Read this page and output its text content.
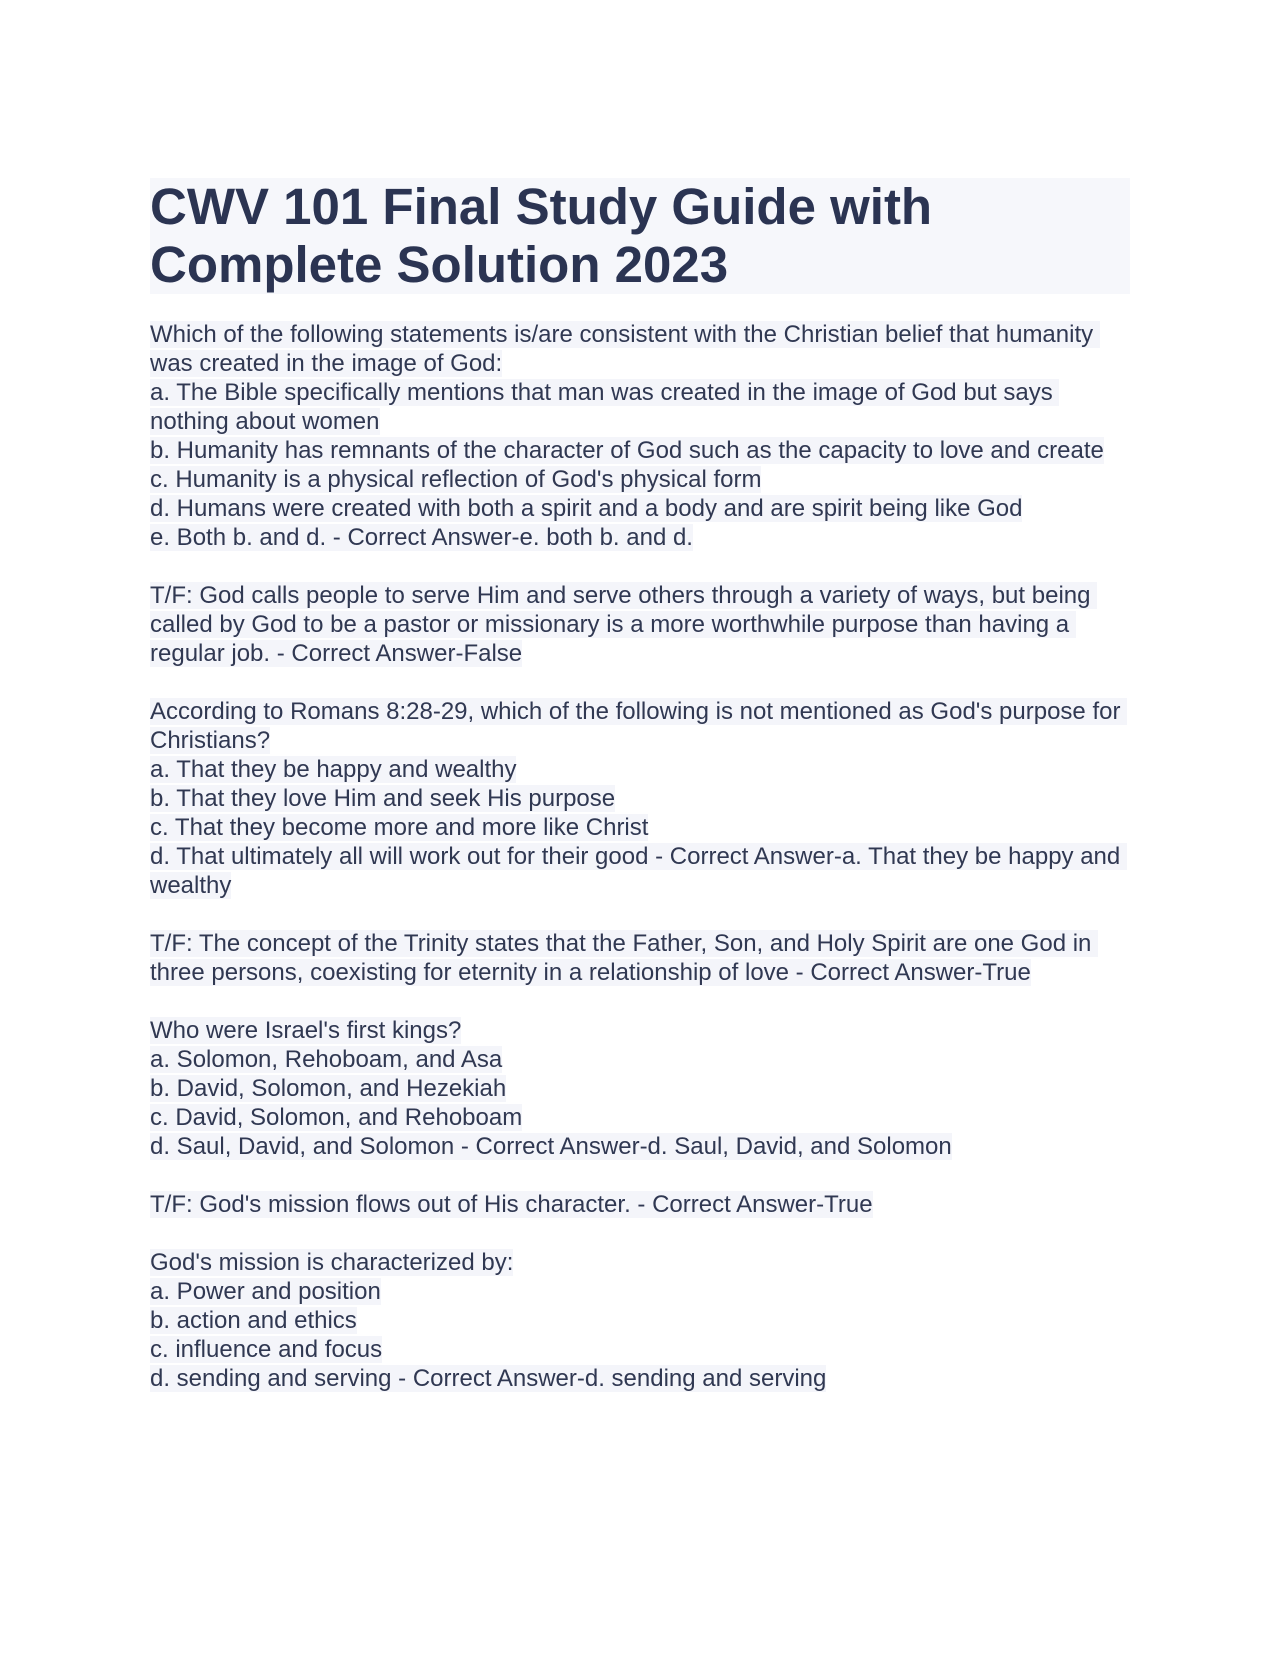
CWV 101 Final Study Guide with Complete Solution 2023
Which of the following statements is/are consistent with the Christian belief that humanity was created in the image of God:
a. The Bible specifically mentions that man was created in the image of God but says nothing about women
b. Humanity has remnants of the character of God such as the capacity to love and create
c. Humanity is a physical reflection of God's physical form
d. Humans were created with both a spirit and a body and are spirit being like God
e. Both b. and d. - Correct Answer-e. both b. and d.
T/F: God calls people to serve Him and serve others through a variety of ways, but being called by God to be a pastor or missionary is a more worthwhile purpose than having a regular job. - Correct Answer-False
According to Romans 8:28-29, which of the following is not mentioned as God's purpose for Christians?
a. That they be happy and wealthy
b. That they love Him and seek His purpose
c. That they become more and more like Christ
d. That ultimately all will work out for their good - Correct Answer-a. That they be happy and wealthy
T/F: The concept of the Trinity states that the Father, Son, and Holy Spirit are one God in three persons, coexisting for eternity in a relationship of love - Correct Answer-True
Who were Israel's first kings?
a. Solomon, Rehoboam, and Asa
b. David, Solomon, and Hezekiah
c. David, Solomon, and Rehoboam
d. Saul, David, and Solomon - Correct Answer-d. Saul, David, and Solomon
T/F: God's mission flows out of His character. - Correct Answer-True
God's mission is characterized by:
a. Power and position
b. action and ethics
c. influence and focus
d. sending and serving - Correct Answer-d. sending and serving
